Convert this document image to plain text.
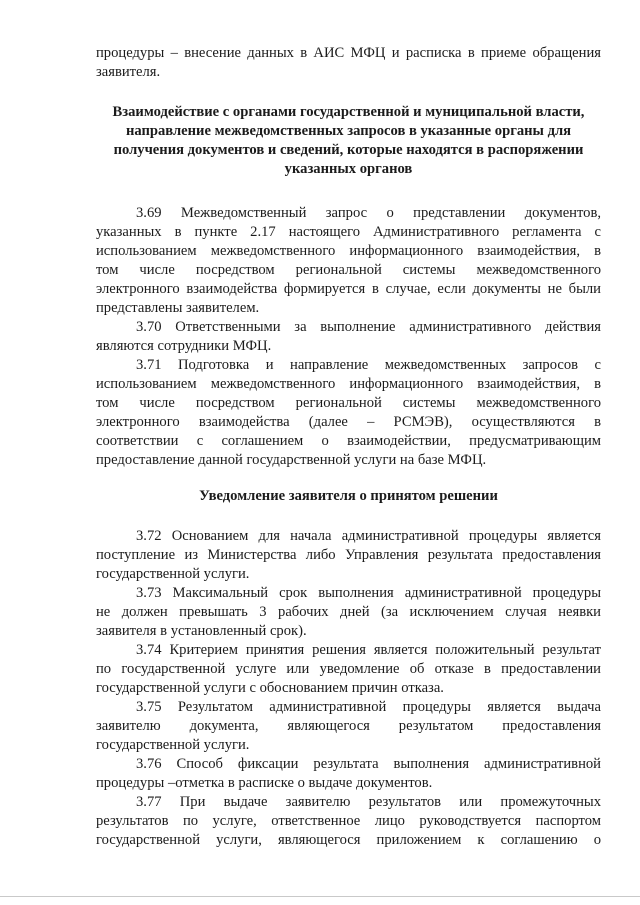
процедуры – внесение данных в АИС МФЦ и расписка в приеме обращения

заявителя.

Взаимодействие с органами государственной и муниципальной власти,
направление межведомственных запросов в указанные органы для
получения документов и сведений, которые находятся в распоряжении
указанных органов

3.69 Межведомственный запрос о представлении документов,

указанных в пункте 2.17 настоящего Административного регламента с

использованием межведомственного информационного взаимодействия, в

том числе посредством региональной системы межведомственного

электронного взаимодейства формируется в случае, если документы не были

представлены заявителем.

3.70 Ответственными за выполнение административного действия

являются сотрудники МФЦ.

3.71 Подготовка и направление межведомственных запросов с

использованием межведомственного информационного взаимодействия, в

том числе посредством региональной системы межведомственного

электронного взаимодейства (далее – РСМЭВ), осуществляются в

соответствии с соглашением о взаимодействии, предусматривающим

предоставление данной государственной услуги на базе МФЦ.

Уведомление заявителя о принятом решении

3.72 Основанием для начала административной процедуры является

поступление из Министерства либо Управления результата предоставления

государственной услуги.

3.73 Максимальный срок выполнения административной процедуры

не должен превышать 3 рабочих дней (за исключением случая неявки

заявителя в установленный срок).

3.74 Критерием принятия решения является положительный результат

по государственной услуге или уведомление об отказе в предоставлении

государственной услуги с обоснованием причин отказа.

3.75 Результатом административной процедуры является выдача

заявителю документа, являющегося результатом предоставления

государственной услуги.

3.76 Способ фиксации результата выполнения административной

процедуры –отметка в расписке о выдаче документов.

3.77 При выдаче заявителю результатов или промежуточных

результатов по услуге, ответственное лицо руководствуется паспортом

государственной услуги, являющегося приложением к соглашению о
